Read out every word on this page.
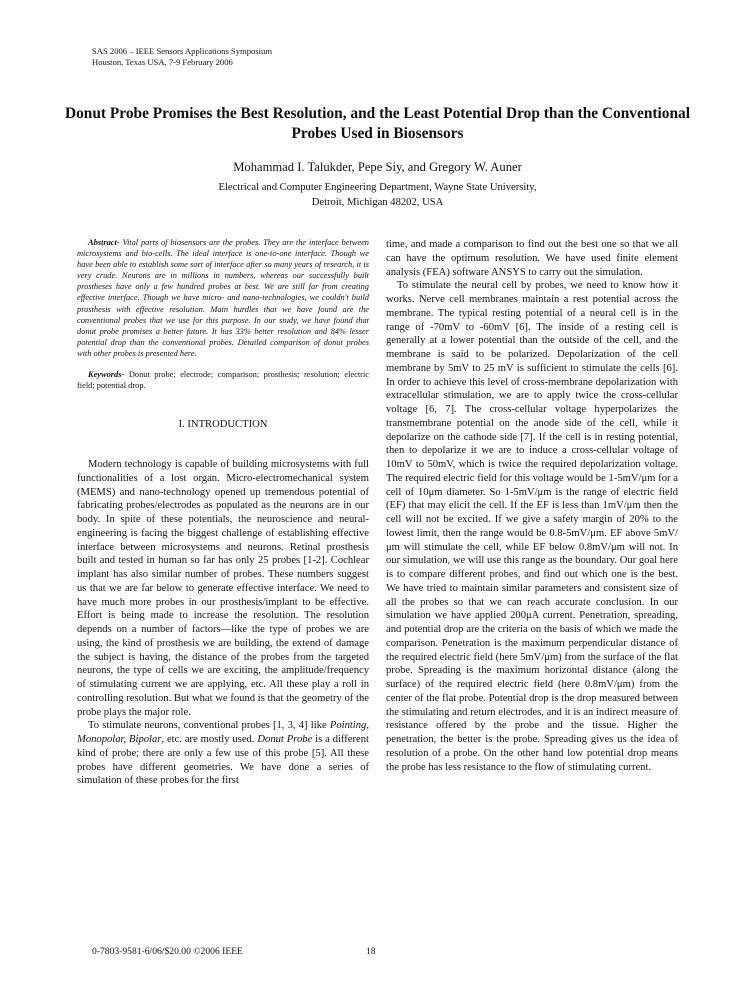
SAS 2006 – IEEE Sensors Applications Symposium
Houston, Texas USA, 7-9 February 2006
Donut Probe Promises the Best Resolution, and the Least Potential Drop than the Conventional Probes Used in Biosensors
Mohammad I. Talukder, Pepe Siy, and Gregory W. Auner
Electrical and Computer Engineering Department, Wayne State University,
Detroit, Michigan 48202, USA

Abstract- Vital parts of biosensors are the probes. They are the interface between microsystems and bio-cells. The ideal interface is one-to-one interface. Though we have been able to establish some sort of interface after so many years of research, it is very crude. Neurons are in millions in numbers, whereas our successfully built prostheses have only a few hundred probes at best. We are still far from creating effective interface. Though we have micro- and nano-technologies, we couldn't build prosthesis with effective resolution. Main hurdles that we have found are the conventional probes that we use for this purpose. In our study, we have found that donut probe promises a better future. It has 33% better resolution and 84% lesser potential drop than the conventional probes. Detailed comparison of donut probes with other probes is presented here.

Keywords- Donut probe; electrode; comparison; prosthesis; resolution; electric field; potential drop.

I. INTRODUCTION

Modern technology is capable of building microsystems with full functionalities of a lost organ. Micro-electromechanical system (MEMS) and nano-technology opened up tremendous potential of fabricating probes/electrodes as populated as the neurons are in our body. In spite of these potentials, the neuroscience and neural-engineering is facing the biggest challenge of establishing effective interface between microsystems and neurons. Retinal prosthesis built and tested in human so far has only 25 probes [1-2]. Cochlear implant has also similar number of probes. These numbers suggest us that we are far below to generate effective interface. We need to have much more probes in our prosthesis/implant to be effective. Effort is being made to increase the resolution. The resolution depends on a number of factors—like the type of probes we are using, the kind of prosthesis we are building, the extend of damage the subject is having, the distance of the probes from the targeted neurons, the type of cells we are exciting, the amplitude/frequency of stimulating current we are applying, etc. All these play a roll in controlling resolution. But what we found is that the geometry of the probe plays the major role.

To stimulate neurons, conventional probes [1, 3, 4] like Pointing, Monopolar, Bipolar, etc. are mostly used. Donut Probe is a different kind of probe; there are only a few use of this probe [5]. All these probes have different geometries. We have done a series of simulation of these probes for the first

time, and made a comparison to find out the best one so that we all can have the optimum resolution. We have used finite element analysis (FEA) software ANSYS to carry out the simulation.

To stimulate the neural cell by probes, we need to know how it works. Nerve cell membranes maintain a rest potential across the membrane. The typical resting potential of a neural cell is in the range of -70mV to -60mV [6]. The inside of a resting cell is generally at a lower potential than the outside of the cell, and the membrane is said to be polarized. Depolarization of the cell membrane by 5mV to 25 mV is sufficient to stimulate the cells [6]. In order to achieve this level of cross-membrane depolarization with extracellular stimulation, we are to apply twice the cross-cellular voltage [6, 7]. The cross-cellular voltage hyperpolarizes the transmembrane potential on the anode side of the cell, while it depolarize on the cathode side [7]. If the cell is in resting potential, then to depolarize it we are to induce a cross-cellular voltage of 10mV to 50mV, which is twice the required depolarization voltage. The required electric field for this voltage would be 1-5mV/μm for a cell of 10μm diameter. So 1-5mV/μm is the range of electric field (EF) that may elicit the cell. If the EF is less than 1mV/μm then the cell will not be excited. If we give a safety margin of 20% to the lowest limit, then the range would be 0.8-5mV/μm. EF above 5mV/μm will stimulate the cell, while EF below 0.8mV/μm will not. In our simulation, we will use this range as the boundary. Our goal here is to compare different probes, and find out which one is the best. We have tried to maintain similar parameters and consistent size of all the probes so that we can reach accurate conclusion. In our simulation we have applied 200μA current. Penetration, spreading, and potential drop are the criteria on the basis of which we made the comparison. Penetration is the maximum perpendicular distance of the required electric field (here 5mV/μm) from the surface of the flat probe. Spreading is the maximum horizontal distance (along the surface) of the required electric field (here 0.8mV/μm) from the center of the flat probe. Potential drop is the drop measured between the stimulating and return electrodes, and it is an indirect measure of resistance offered by the probe and the tissue. Higher the penetration, the better is the probe. Spreading gives us the idea of resolution of a probe. On the other hand low potential drop means the probe has less resistance to the flow of stimulating current.

0-7803-9581-6/06/$20.00 ©2006 IEEE	18
